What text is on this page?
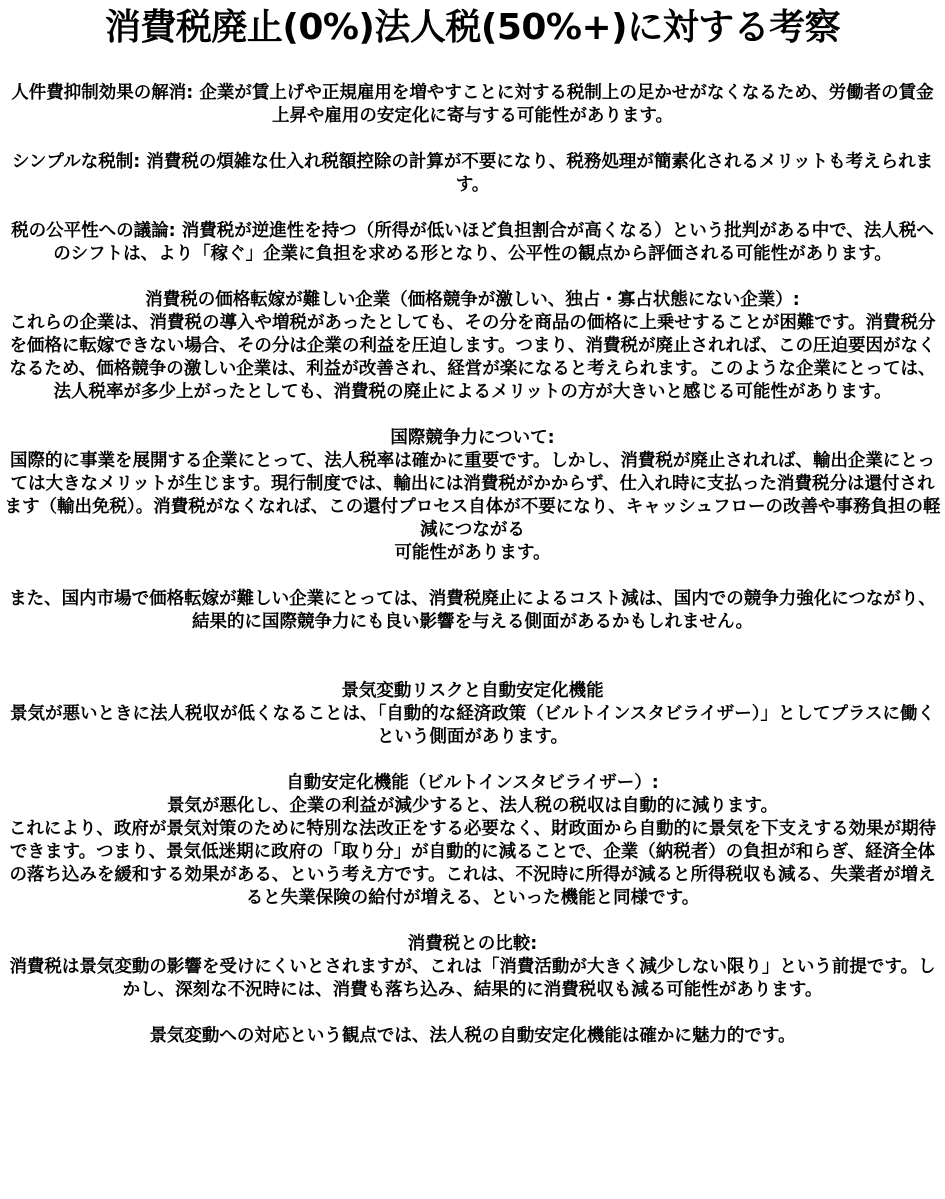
消費税廃止(0%)法人税(50%+)に対する考察

人件費抑制効果の解消: 企業が賃上げや正規雇用を増やすことに対する税制上の足かせがなくなるため、労働者の賃金上昇や雇用の安定化に寄与する可能性があります。

シンプルな税制: 消費税の煩雑な仕入れ税額控除の計算が不要になり、税務処理が簡素化されるメリットも考えられます。

税の公平性への議論: 消費税が逆進性を持つ（所得が低いほど負担割合が高くなる）という批判がある中で、法人税へのシフトは、より「稼ぐ」企業に負担を求める形となり、公平性の観点から評価される可能性があります。

消費税の価格転嫁が難しい企業（価格競争が激しい、独占・寡占状態にない企業）:

これらの企業は、消費税の導入や増税があったとしても、その分を商品の価格に上乗せすることが困難です。消費税分を価格に転嫁できない場合、その分は企業の利益を圧迫します。つまり、消費税が廃止されれば、この圧迫要因がなくなるため、価格競争の激しい企業は、利益が改善され、経営が楽になると考えられます。このような企業にとっては、法人税率が多少上がったとしても、消費税の廃止によるメリットの方が大きいと感じる可能性があります。

国際競争力について:

国際的に事業を展開する企業にとって、法人税率は確かに重要です。しかし、消費税が廃止されれば、輸出企業にとっては大きなメリットが生じます。現行制度では、輸出には消費税がかからず、仕入れ時に支払った消費税分は還付されます（輸出免税）。消費税がなくなれば、この還付プロセス自体が不要になり、キャッシュフローの改善や事務負担の軽減につながる

可能性があります。

また、国内市場で価格転嫁が難しい企業にとっては、消費税廃止によるコスト減は、国内での競争力強化につながり、結果的に国際競争力にも良い影響を与える側面があるかもしれません。

景気変動リスクと自動安定化機能

景気が悪いときに法人税収が低くなることは、「自動的な経済政策（ビルトインスタビライザー）」としてプラスに働くという側面があります。

自動安定化機能（ビルトインスタビライザー）:

景気が悪化し、企業の利益が減少すると、法人税の税収は自動的に減ります。

これにより、政府が景気対策のために特別な法改正をする必要なく、財政面から自動的に景気を下支えする効果が期待できます。つまり、景気低迷期に政府の「取り分」が自動的に減ることで、企業（納税者）の負担が和らぎ、経済全体の落ち込みを緩和する効果がある、という考え方です。これは、不況時に所得が減ると所得税収も減る、失業者が増えると失業保険の給付が増える、といった機能と同様です。

消費税との比較:

消費税は景気変動の影響を受けにくいとされますが、これは「消費活動が大きく減少しない限り」という前提です。しかし、深刻な不況時には、消費も落ち込み、結果的に消費税収も減る可能性があります。

景気変動への対応という観点では、法人税の自動安定化機能は確かに魅力的です。
